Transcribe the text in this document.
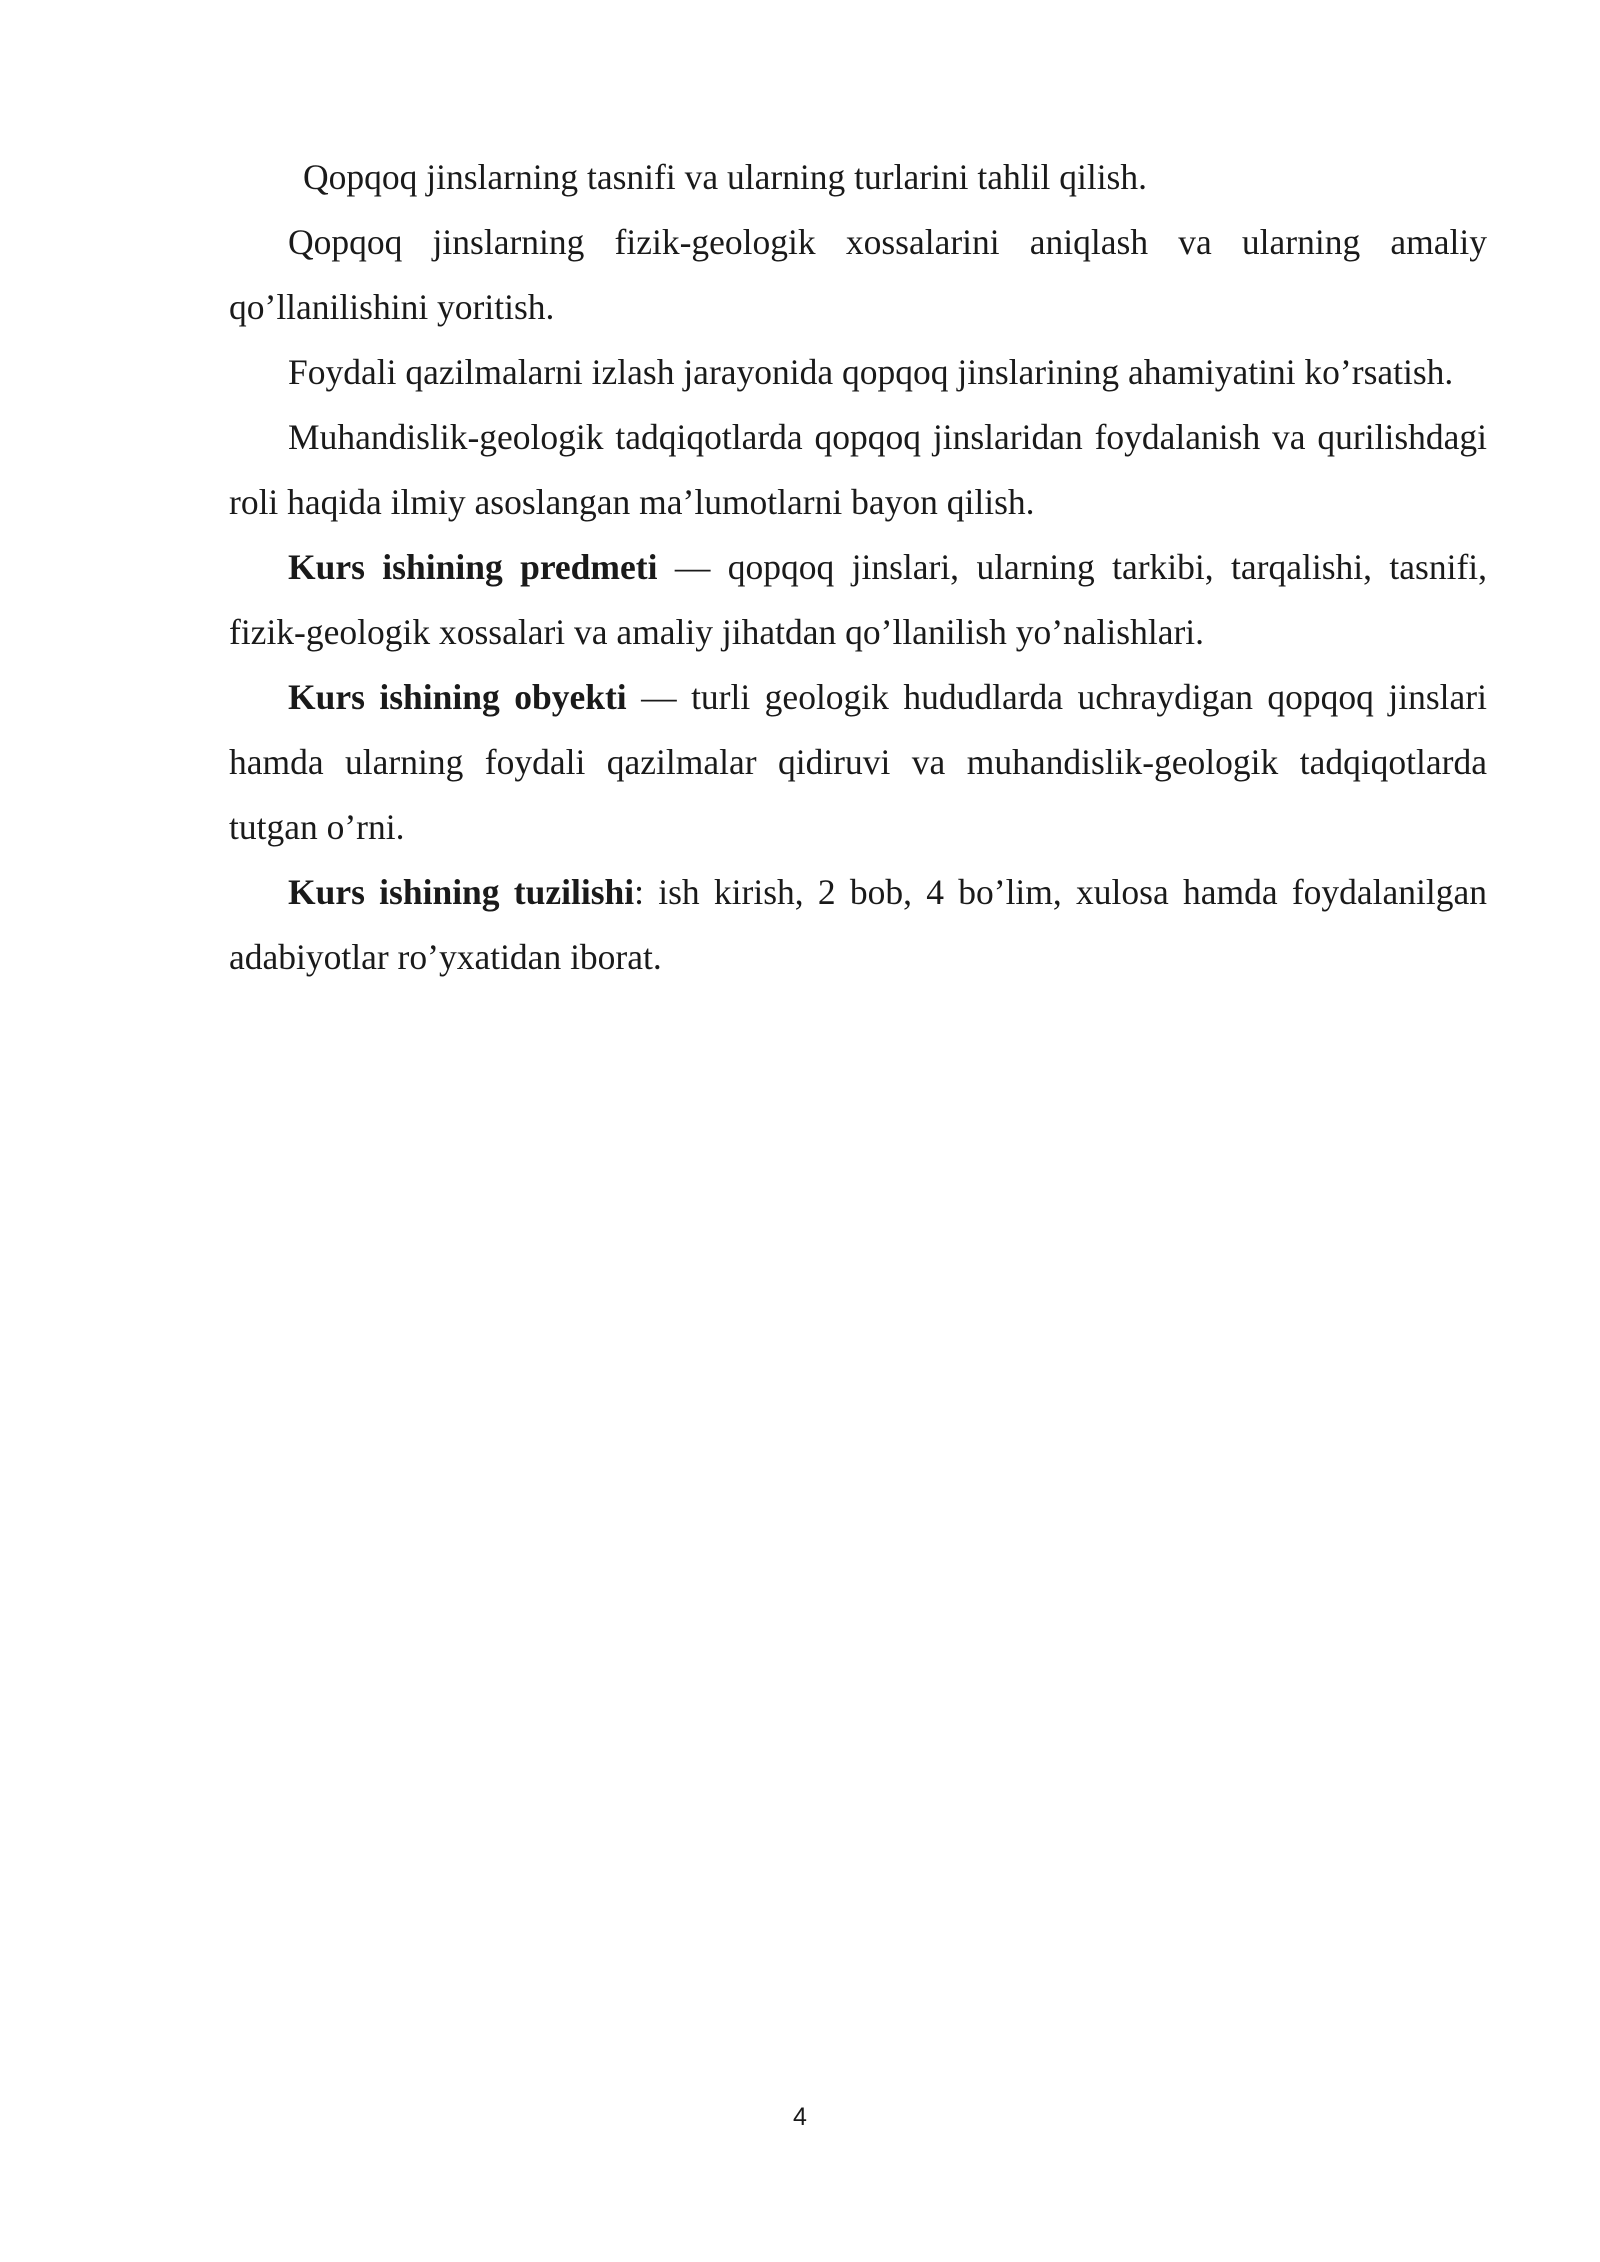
Qopqoq jinslarning tasnifi va ularning turlarini tahlil qilish.

Qopqoq jinslarning fizik-geologik xossalarini aniqlash va ularning amaliy qo’llanilishini yoritish.

Foydali qazilmalarni izlash jarayonida qopqoq jinslarining ahamiyatini ko’rsatish.

Muhandislik-geologik tadqiqotlarda qopqoq jinslaridan foydalanish va qurilishdagi roli haqida ilmiy asoslangan ma’lumotlarni bayon qilish.

Kurs ishining predmeti — qopqoq jinslari, ularning tarkibi, tarqalishi, tasnifi, fizik-geologik xossalari va amaliy jihatdan qo’llanilish yo’nalishlari.

Kurs ishining obyekti — turli geologik hududlarda uchraydigan qopqoq jinslari hamda ularning foydali qazilmalar qidiruvi va muhandislik-geologik tadqiqotlarda tutgan o’rni.

Kurs ishining tuzilishi: ish kirish, 2 bob, 4 bo’lim, xulosa hamda foydalanilgan adabiyotlar ro’yxatidan iborat.

4
